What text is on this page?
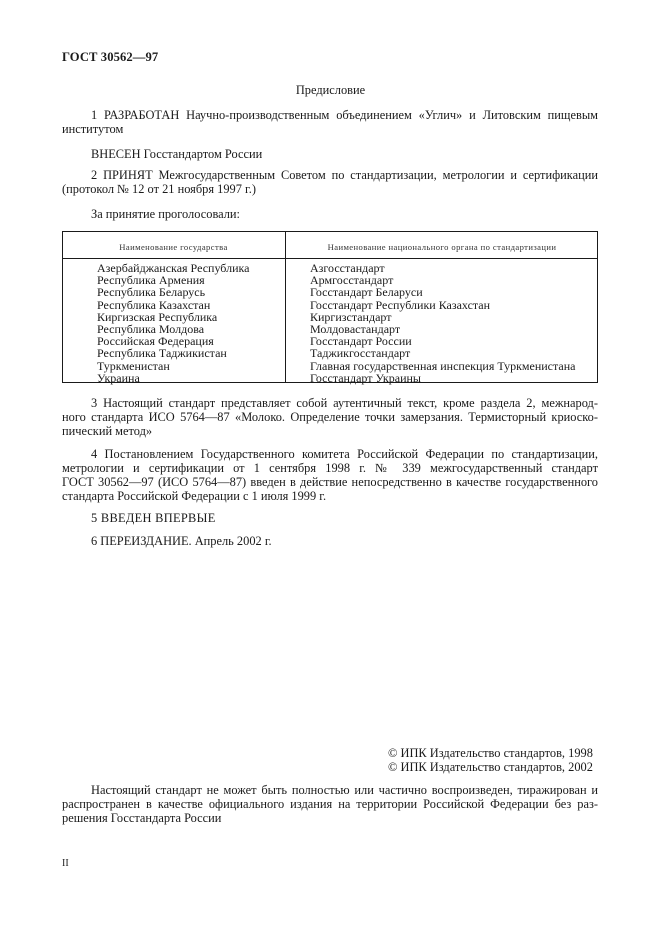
ГОСТ 30562—97
Предисловие
1 РАЗРАБОТАН Научно-производственным объединением «Углич» и Литовским пищевым
институтом
ВНЕСЕН Госстандартом России
2 ПРИНЯТ Межгосударственным Советом по стандартизации, метрологии и сертификации
(протокол № 12 от 21 ноября 1997 г.)
За принятие проголосовали:
Наименование государства	Наименование национального органа по стандартизации
Азербайджанская Республика
Республика Армения
Республика Беларусь
Республика Казахстан
Киргизская Республика
Республика Молдова
Российская Федерация
Республика Таджикистан
Туркменистан
Украина
Азгосстандарт
Армгосстандарт
Госстандарт Беларуси
Госстандарт Республики Казахстан
Киргизстандарт
Молдовастандарт
Госстандарт России
Таджикгосстандарт
Главная государственная инспекция Туркменистана
Госстандарт Украины
3 Настоящий стандарт представляет собой аутентичный текст, кроме раздела 2, межнарод-
ного стандарта ИСО 5764—87 «Молоко. Определение точки замерзания. Термисторный криоско-
пический метод»
4 Постановлением Государственного комитета Российской Федерации по стандартизации,
метрологии и сертификации от 1 сентября 1998 г. № 339 межгосударственный стандарт
ГОСТ 30562—97 (ИСО 5764—87) введен в действие непосредственно в качестве государственного
стандарта Российской Федерации с 1 июля 1999 г.
5 ВВЕДЕН ВПЕРВЫЕ
6 ПЕРЕИЗДАНИЕ. Апрель 2002 г.
© ИПК Издательство стандартов, 1998
© ИПК Издательство стандартов, 2002
Настоящий стандарт не может быть полностью или частично воспроизведен, тиражирован и
распространен в качестве официального издания на территории Российской Федерации без раз-
решения Госстандарта России
II
